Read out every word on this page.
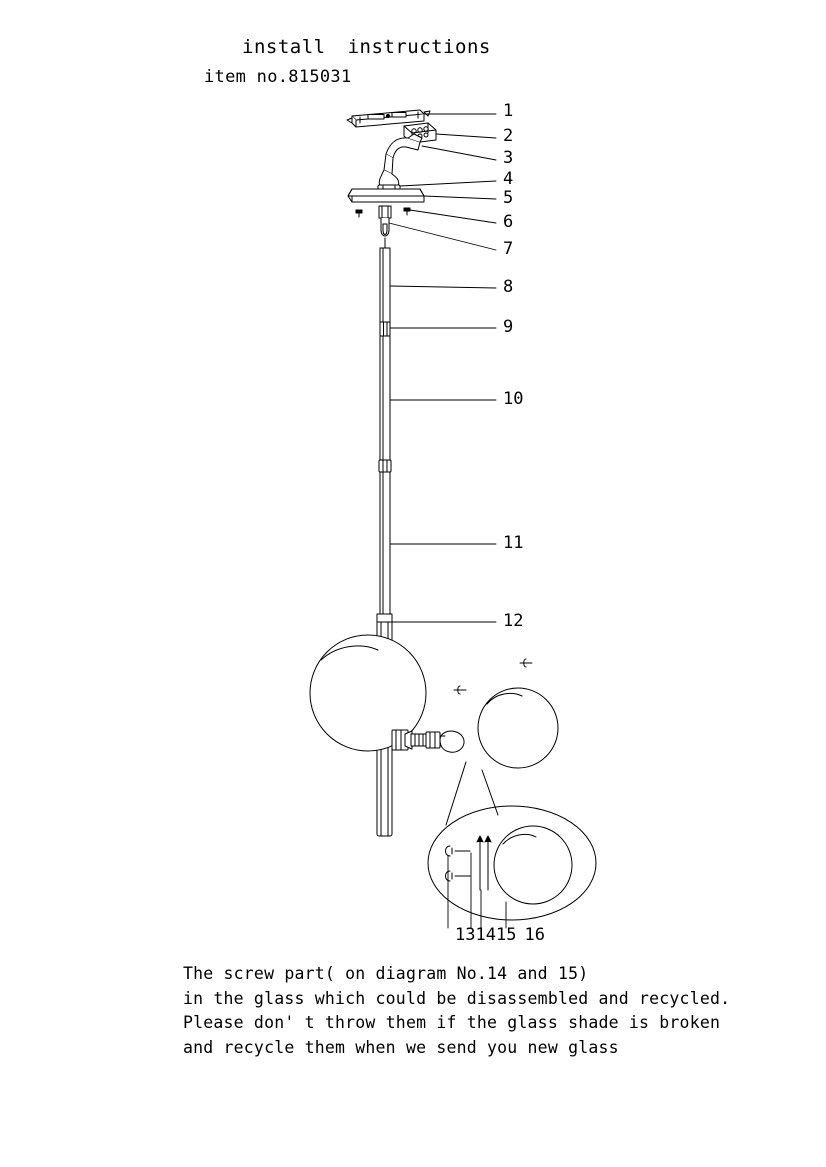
install instructions
item no.815031
1
2
3
4
5
6
7
8
9
10
11
12
131415 16
The screw part( on diagram No.14 and 15)
in the glass which could be disassembled and recycled.
Please don' t throw them if the glass shade is broken
and recycle them when we send you new glass
